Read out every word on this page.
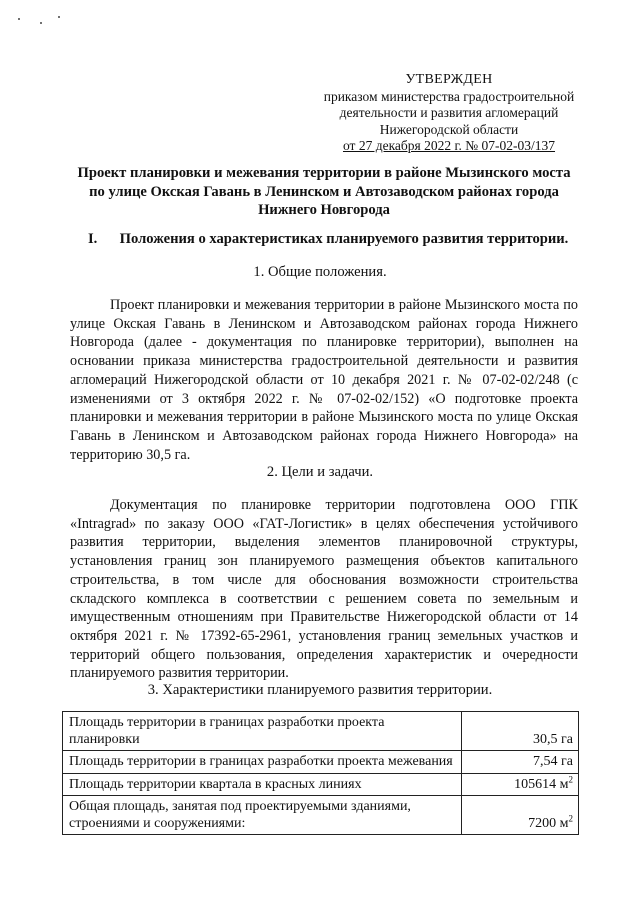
УТВЕРЖДЕН
приказом министерства градостроительной
деятельности и развития агломераций
Нижегородской области
от 27 декабря 2022 г. № 07-02-03/137
Проект планировки и межевания территории в районе Мызинского моста по улице Окская Гавань в Ленинском и Автозаводском районах города Нижнего Новгорода
I. Положения о характеристиках планируемого развития территории.
1. Общие положения.
Проект планировки и межевания территории в районе Мызинского моста по улице Окская Гавань в Ленинском и Автозаводском районах города Нижнего Новгорода (далее - документация по планировке территории), выполнен на основании приказа министерства градостроительной деятельности и развития агломераций Нижегородской области от 10 декабря 2021 г. № 07-02-02/248 (с изменениями от 3 октября 2022 г. № 07-02-02/152) «О подготовке проекта планировки и межевания территории в районе Мызинского моста по улице Окская Гавань в Ленинском и Автозаводском районах города Нижнего Новгорода» на территорию 30,5 га.
2. Цели и задачи.
Документация по планировке территории подготовлена ООО ГПК «Intragrad» по заказу ООО «ГАТ-Логистик» в целях обеспечения устойчивого развития территории, выделения элементов планировочной структуры, установления границ зон планируемого размещения объектов капитального строительства, в том числе для обоснования возможности строительства складского комплекса в соответствии с решением совета по земельным и имущественным отношениям при Правительстве Нижегородской области от 14 октября 2021 г. № 17392-65-2961, установления границ земельных участков и территорий общего пользования, определения характеристик и очередности планируемого развития территории.
3. Характеристики планируемого развития территории.
Площадь территории в границах разработки проекта планировки	30,5 га
Площадь территории в границах разработки проекта межевания	7,54 га
Площадь территории квартала в красных линиях	105614 $м^2$
Общая площадь, занятая под проектируемыми зданиями, строениями и сооружениями:	7200 $м^2$
